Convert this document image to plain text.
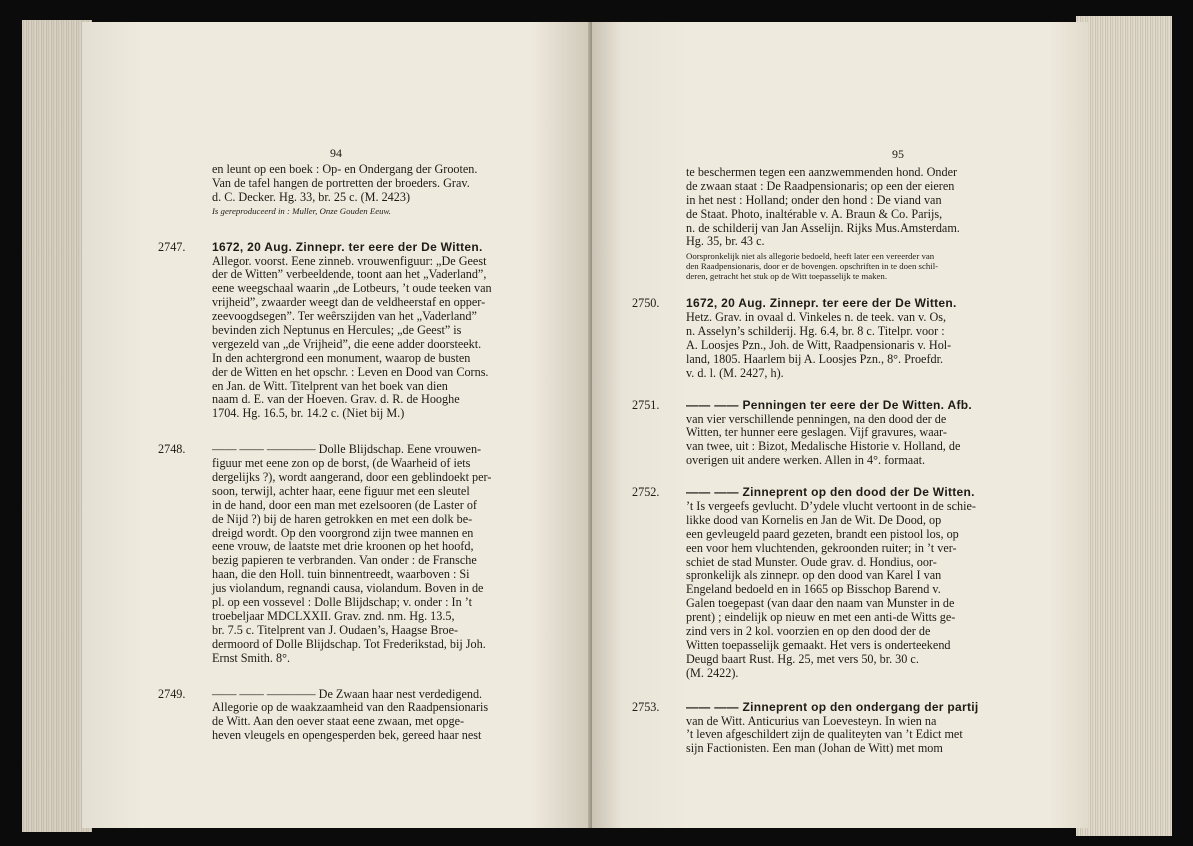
94
en leunt op een boek : Op- en Ondergang der Grooten.
Van de tafel hangen de portretten der broeders. Grav.
d. C. Decker. Hg. 33, br. 25 c. (M. 2423)
Is gereproduceerd in : Muller, Onze Gouden Eeuw.
2747. 1672, 20 Aug. Zinnepr. ter eere der De Witten.
Allegor. voorst. Eene zinneb. vrouwenfiguur: „De Geest
der de Witten” verbeeldende, toont aan het „Vaderland”,
eene weegschaal waarin „de Lotbeurs, ’t oude teeken van
vrijheid”, zwaarder weegt dan de veldheerstaf en opper-
zeevoogdsegen”. Ter weêrszijden van het „Vaderland”
bevinden zich Neptunus en Hercules; „de Geest” is
vergezeld van „de Vrijheid”, die eene adder doorsteekt.
In den achtergrond een monument, waarop de busten
der de Witten en het opschr. : Leven en Dood van Corns.
en Jan. de Witt. Titelprent van het boek van dien
naam d. E. van der Hoeven. Grav. d. R. de Hooghe
1704. Hg. 16.5, br. 14.2 c. (Niet bij M.)
2748. —— —— ———— Dolle Blijdschap. Eene vrouwen-
figuur met eene zon op de borst, (de Waarheid of iets
dergelijks ?), wordt aangerand, door een geblindoekt per-
soon, terwijl, achter haar, eene figuur met een sleutel
in de hand, door een man met ezelsooren (de Laster of
de Nijd ?) bij de haren getrokken en met een dolk be-
dreigd wordt. Op den voorgrond zijn twee mannen en
eene vrouw, de laatste met drie kroonen op het hoofd,
bezig papieren te verbranden. Van onder : de Fransche
haan, die den Holl. tuin binnentreedt, waarboven : Si
jus violandum, regnandi causa, violandum. Boven in de
pl. op een vossevel : Dolle Blijdschap; v. onder : In ’t
troebeljaar MDCLXXII. Grav. znd. nm. Hg. 13.5,
br. 7.5 c. Titelprent van J. Oudaen’s, Haagse Broe-
dermoord of Dolle Blijdschap. Tot Frederikstad, bij Joh.
Ernst Smith. 8°.
2749. —— —— ———— De Zwaan haar nest verdedigend.
Allegorie op de waakzaamheid van den Raadpensionaris
de Witt. Aan den oever staat eene zwaan, met opge-
heven vleugels en opengesperden bek, gereed haar nest
95
te beschermen tegen een aanzwemmenden hond. Onder
de zwaan staat : De Raadpensionaris; op een der eieren
in het nest : Holland; onder den hond : De viand van
de Staat. Photo, inaltérable v. A. Braun & Co. Parijs,
n. de schilderij van Jan Asselijn. Rijks Mus.Amsterdam.
Hg. 35, br. 43 c.
Oorspronkelijk niet als allegorie bedoeld, heeft later een vereerder van
den Raadpensionaris, door er de bovengen. opschriften in te doen schil-
deren, getracht het stuk op de Witt toepasselijk te maken.
2750. 1672, 20 Aug. Zinnepr. ter eere der De Witten.
Hetz. Grav. in ovaal d. Vinkeles n. de teek. van v. Os,
n. Asselyn’s schilderij. Hg. 6.4, br. 8 c. Titelpr. voor :
A. Loosjes Pzn., Joh. de Witt, Raadpensionaris v. Hol-
land, 1805. Haarlem bij A. Loosjes Pzn., 8°. Proefdr.
v. d. l. (M. 2427, h).
2751. —— —— Penningen ter eere der De Witten. Afb.
van vier verschillende penningen, na den dood der de
Witten, ter hunner eere geslagen. Vijf gravures, waar-
van twee, uit : Bizot, Medalische Historie v. Holland, de
overigen uit andere werken. Allen in 4°. formaat.
2752. —— —— Zinneprent op den dood der De Witten.
’t Is vergeefs gevlucht. D’ydele vlucht vertoont in de schie-
likke dood van Kornelis en Jan de Wit. De Dood, op
een gevleugeld paard gezeten, brandt een pistool los, op
een voor hem vluchtenden, gekroonden ruiter; in ’t ver-
schiet de stad Munster. Oude grav. d. Hondius, oor-
spronkelijk als zinnepr. op den dood van Karel I van
Engeland bedoeld en in 1665 op Bisschop Barend v.
Galen toegepast (van daar den naam van Munster in de
prent) ; eindelijk op nieuw en met een anti-de Witts ge-
zind vers in 2 kol. voorzien en op den dood der de
Witten toepasselijk gemaakt. Het vers is onderteekend
Deugd baart Rust. Hg. 25, met vers 50, br. 30 c.
(M. 2422).
2753. —— —— Zinneprent op den ondergang der partij
van de Witt. Anticurius van Loevesteyn. In wien na
’t leven afgeschildert zijn de qualiteyten van ’t Edict met
sijn Factionisten. Een man (Johan de Witt) met mom
